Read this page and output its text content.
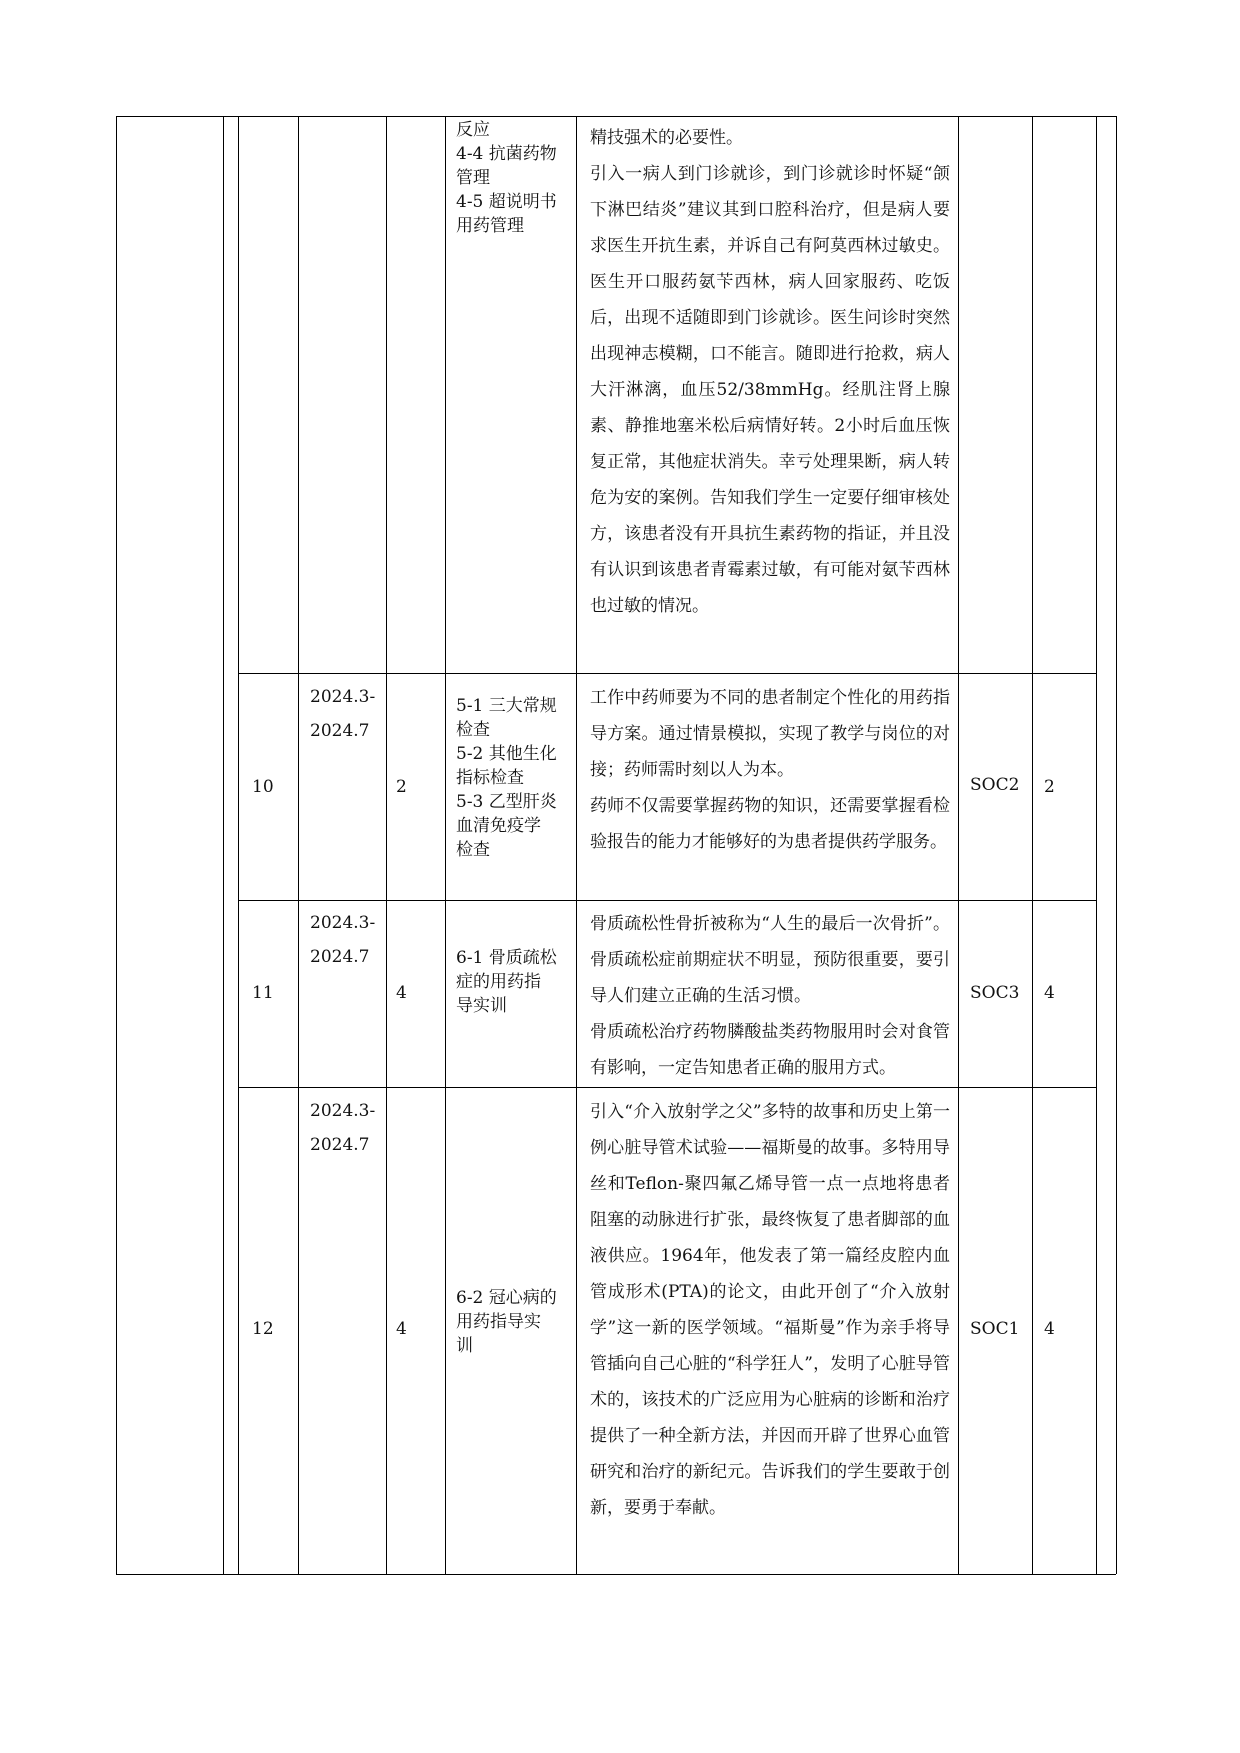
反应
4-4 抗菌药物
管理
4-5 超说明书
用药管理

精技强术的必要性。

引入一病人到门诊就诊，到门诊就诊时怀疑“颌下淋巴结炎”建议其到口腔科治疗，但是病人要求医生开抗生素，并诉自己有阿莫西林过敏史。医生开口服药氨苄西林，病人回家服药、吃饭后，出现不适随即到门诊就诊。医生问诊时突然出现神志模糊，口不能言。随即进行抢救，病人大汗淋漓，血压52/38mmHg。经肌注肾上腺素、静推地塞米松后病情好转。2小时后血压恢复正常，其他症状消失。幸亏处理果断，病人转危为安的案例。告知我们学生一定要仔细审核处方，该患者没有开具抗生素药物的指证，并且没有认识到该患者青霉素过敏，有可能对氨苄西林也过敏的情况。

10

2024.3-

2024.7

2
5-1 三大常规
检查
5-2 其他生化
指标检查
5-3 乙型肝炎
血清免疫学
检查

工作中药师要为不同的患者制定个性化的用药指导方案。通过情景模拟，实现了教学与岗位的对接；药师需时刻以人为本。

药师不仅需要掌握药物的知识，还需要掌握看检验报告的能力才能够好的为患者提供药学服务。

SOC2 2
11

2024.3-

2024.7

4
6-1 骨质疏松
症的用药指
导实训

骨质疏松性骨折被称为“人生的最后一次骨折”。骨质疏松症前期症状不明显，预防很重要，要引导人们建立正确的生活习惯。

骨质疏松治疗药物膦酸盐类药物服用时会对食管有影响，一定告知患者正确的服用方式。

SOC3 4
12

2024.3-

2024.7

4
6-2 冠心病的
用药指导实
训

引入“介入放射学之父”多特的故事和历史上第一例心脏导管术试验——福斯曼的故事。多特用导丝和Teflon-聚四氟乙烯导管一点一点地将患者阻塞的动脉进行扩张，最终恢复了患者脚部的血液供应。1964年，他发表了第一篇经皮腔内血管成形术(PTA)的论文，由此开创了“介入放射学”这一新的医学领域。“福斯曼”作为亲手将导管插向自己心脏的“科学狂人”，发明了心脏导管术的，该技术的广泛应用为心脏病的诊断和治疗提供了一种全新方法，并因而开辟了世界心血管研究和治疗的新纪元。告诉我们的学生要敢于创新，要勇于奉献。

SOC1 4
